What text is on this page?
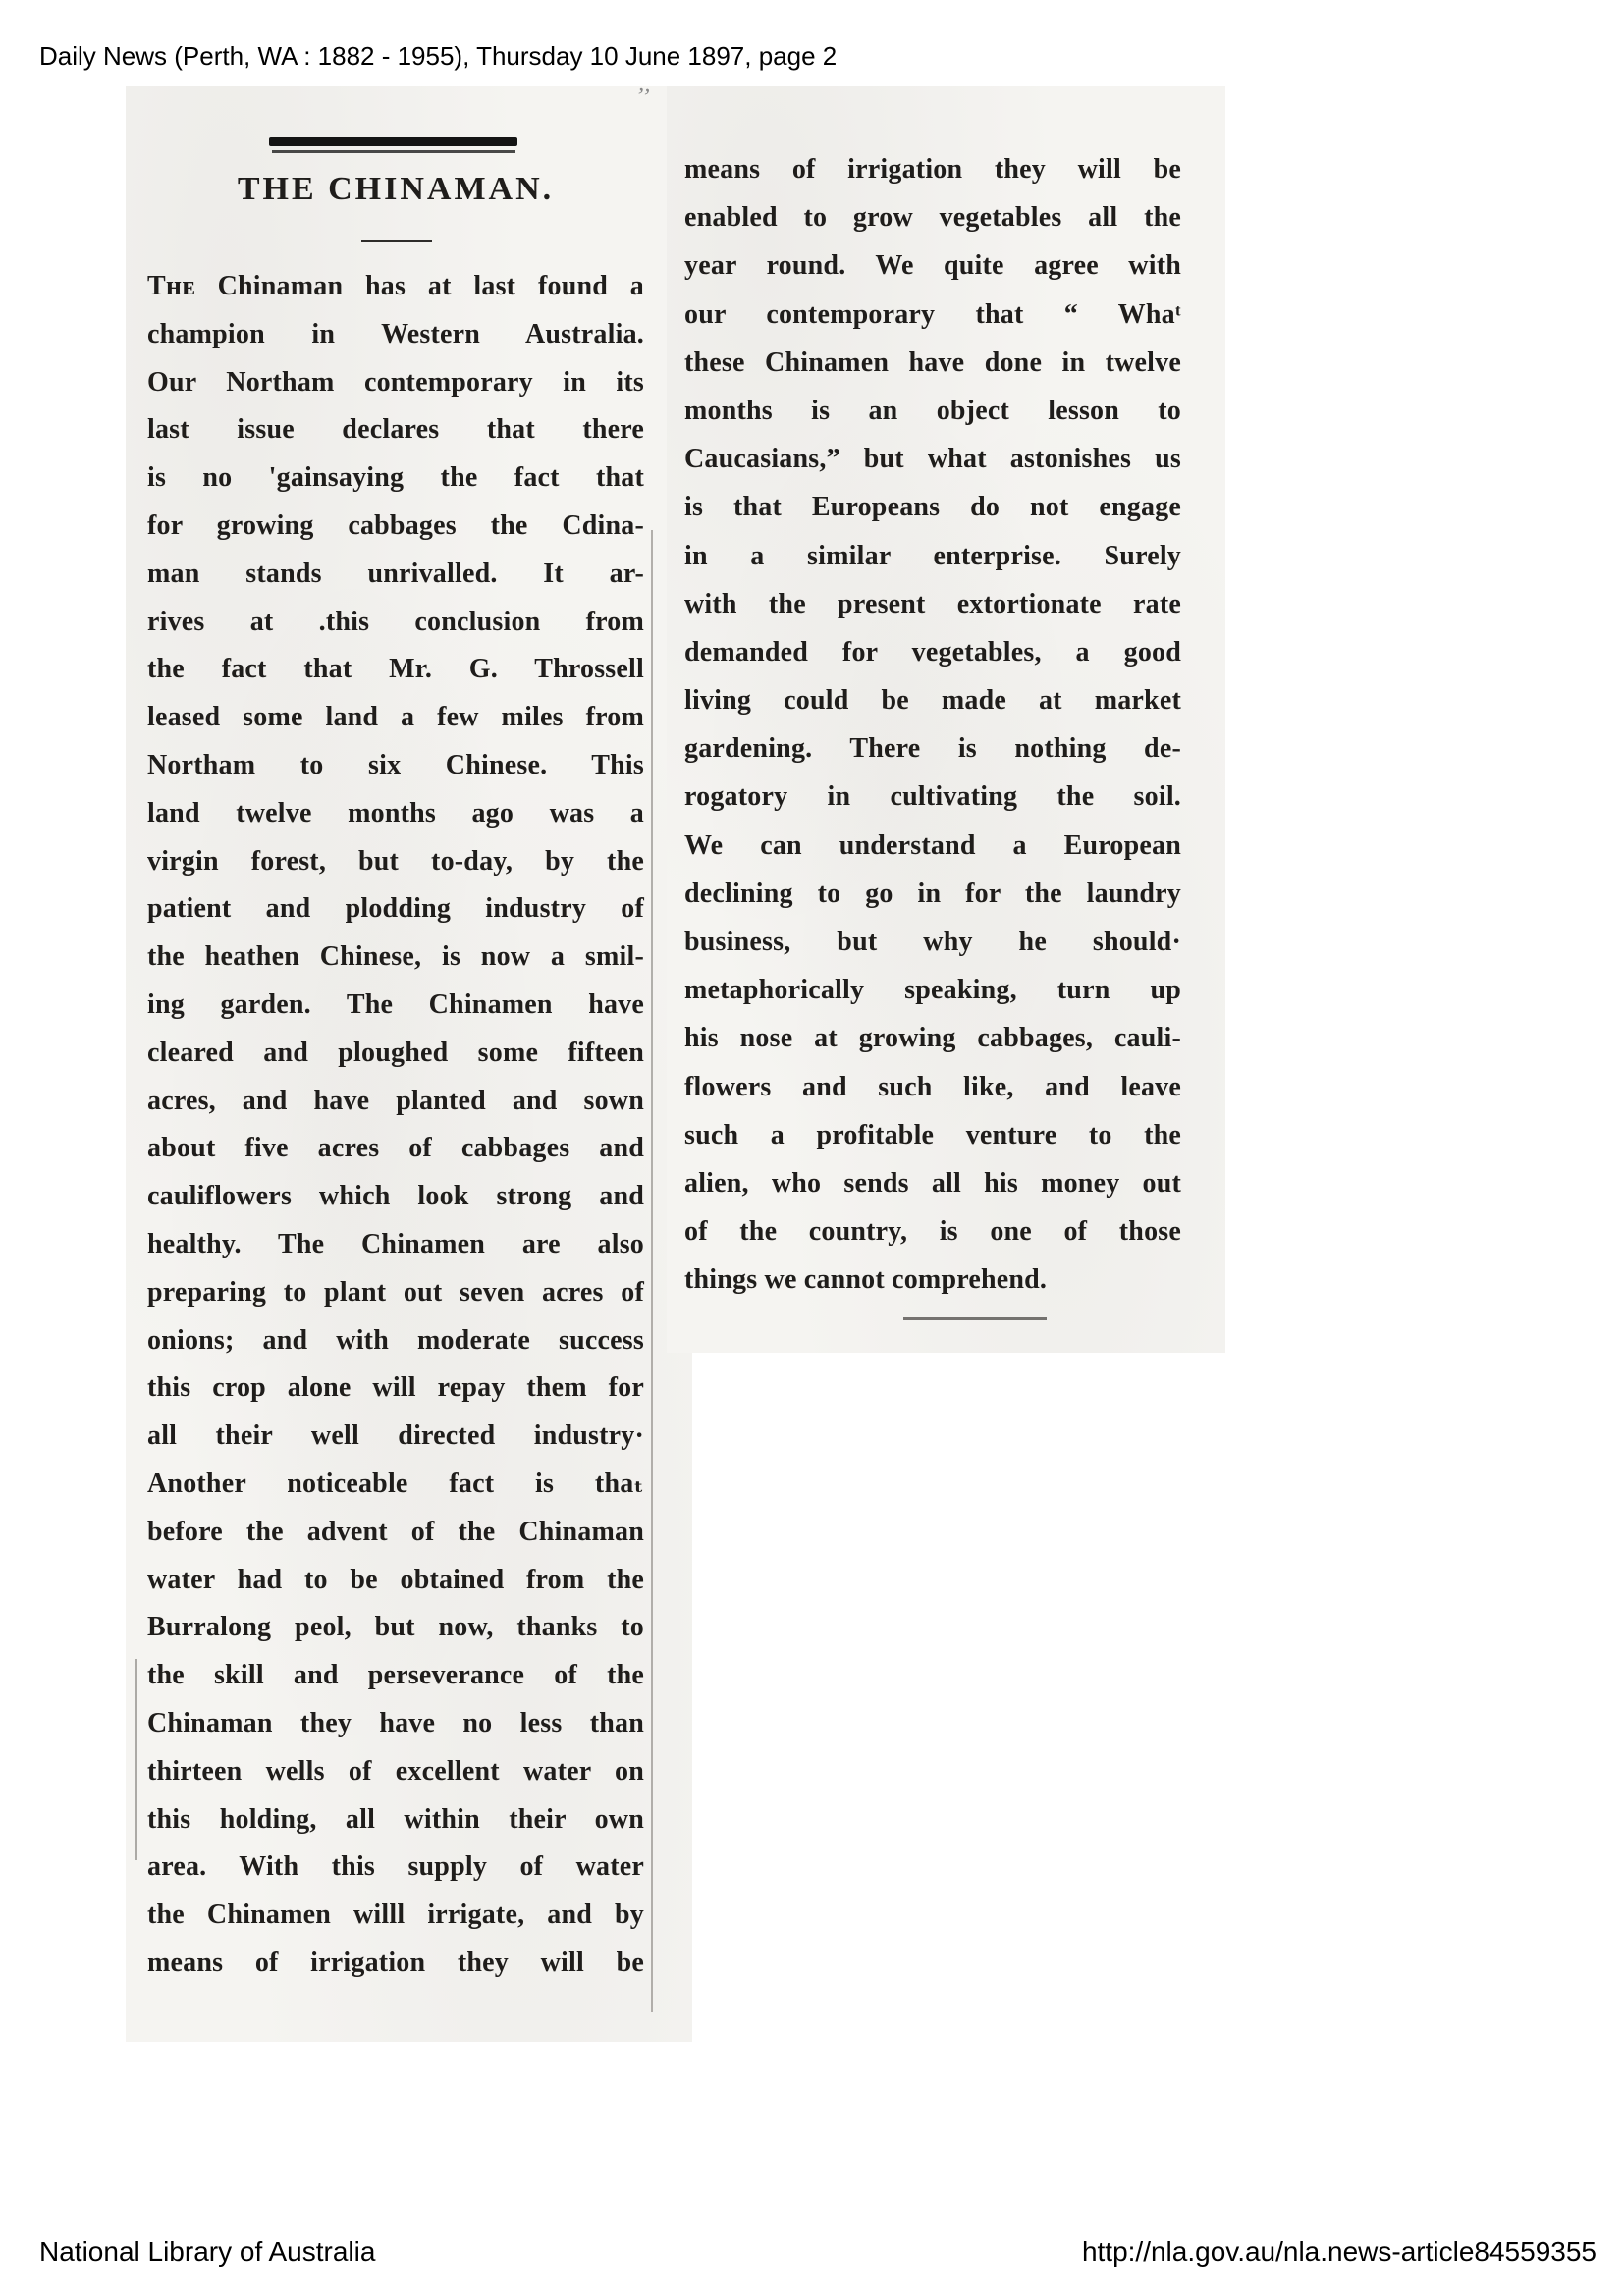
Daily News (Perth, WA : 1882 - 1955), Thursday 10 June 1897, page 2
’’
THE CHINAMAN.
Tʜᴇ Chinaman has at last found a
champion in Western Australia.
Our Northam contemporary in its
last issue declares that there
is no 'gainsaying the fact that
for growing cabbages the Cdina-
man stands unrivalled. It ar-
rives at .this conclusion from
the fact that Mr. G. Throssell
leased some land a few miles from
Northam to six Chinese. This
land twelve months ago was a
virgin forest, but to-day, by the
patient and plodding industry of
the heathen Chinese, is now a smil-
ing garden. The Chinamen have
cleared and ploughed some fifteen
acres, and have planted and sown
about five acres of cabbages and
cauliflowers which look strong and
healthy. The Chinamen are also
preparing to plant out seven acres of
onions; and with moderate success
this crop alone will repay them for
all their well directed industry·
Another noticeable fact is thaₜ
before the advent of the Chinaman
water had to be obtained from the
Burralong peol, but now, thanks to
the skill and perseverance of the
Chinaman they have no less than
thirteen wells of excellent water on
this holding, all within their own
area. With this supply of water
the Chinamen willl irrigate, and by
means of irrigation they will be
means of irrigation they will be
enabled to grow vegetables all the
year round. We quite agree with
our contemporary that “ Whaᵗ
these Chinamen have done in twelve
months is an object lesson to
Caucasians,” but what astonishes us
is that Europeans do not engage
in a similar enterprise. Surely
with the present extortionate rate
demanded for vegetables, a good
living could be made at market
gardening. There is nothing de-
rogatory in cultivating the soil.
We can understand a European
declining to go in for the laundry
business, but why he should·
metaphorically speaking, turn up
his nose at growing cabbages, cauli-
flowers and such like, and leave
such a profitable venture to the
alien, who sends all his money out
of the country, is one of those
things we cannot comprehend.
National Library of Australia	http://nla.gov.au/nla.news-article84559355
